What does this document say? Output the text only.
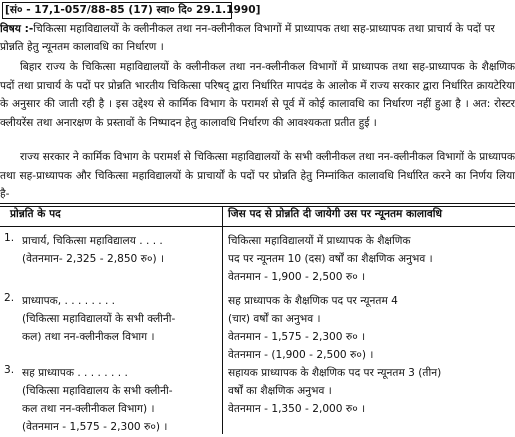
[सं० - 17,1-057/88-85 (17) स्वा० दि० 29.1.1990]
विषय :-चिकित्सा महाविद्यालयों के क्लीनीकल तथा नन-क्लीनीकल विभागों में प्राध्यापक तथा सह-प्राध्यापक तथा प्राचार्य के पदों पर प्रोन्नति हेतु न्यूनतम कालावधि का निर्धारण ।
बिहार राज्य के चिकित्सा महाविद्यालयों के क्लीनीकल तथा नन-क्लीनीकल विभागों में प्राध्यापक तथा सह-प्राध्यापक के शैक्षणिक पदों तथा प्राचार्य के पदों पर प्रोन्नति भारतीय चिकित्सा परिषद् द्वारा निर्धारित मापदंड के आलोक में राज्य सरकार द्वारा निर्धारित क्रायटेरिया के अनुसार की जाती रही है । इस उद्देश्य से कार्मिक विभाग के परामर्श से पूर्व में कोई कालावधि का निर्धारण नहीं हुआ है । अत: रोस्टर क्लीयरेंस तथा अनारक्षण के प्रस्तावों के निष्पादन हेतु कालावधि निर्धारण की आवश्यकता प्रतीत हुई ।
राज्य सरकार ने कार्मिक विभाग के परामर्श से चिकित्सा महाविद्यालयों के सभी क्लीनीकल तथा नन-क्लीनीकल विभागों के प्राध्यापक तथा सह-प्राध्यापक और चिकित्सा महाविद्यालयों के प्राचार्यों के पदों पर प्रोन्नति हेतु निम्नांकित कालावधि निर्धारित करने का निर्णय लिया है-
प्रोन्नति के पद	जिस पद से प्रोन्नति दी जायेगी उस पर न्यूनतम कालावधि
1. प्राचार्य, चिकित्सा महाविद्यालय . . . .
(वेतनमान- 2,325 - 2,850 रु०) ।
चिकित्सा महाविद्यालयों में प्राध्यापक के शैक्षणिक
पद पर न्यूनतम 10 (दस) वर्षों का शैक्षणिक अनुभव ।
वेतनमान - 1,900 - 2,500 रु० ।
2. प्राध्यापक, . . . . . . . .
(चिकित्सा महाविद्यालयों के सभी क्लीनी-
कल) तथा नन-क्लीनीकल विभाग ।
सह प्राध्यापक के शैक्षणिक पद पर न्यूनतम 4
(चार) वर्षों का अनुभव ।
वेतनमान - 1,575 - 2,300 रु० ।
वेतनमान - (1,900 - 2,500 रु०) ।
3. सह प्राध्यापक . . . . . . . .
(चिकित्सा महाविद्यालय के सभी क्लीनी-
कल तथा नन-क्लीनीकल विभाग) ।
(वेतनमान - 1,575 - 2,300 रु०) ।
सहायक प्राध्यापक के शैक्षणिक पद पर न्यूनतम 3 (तीन)
वर्षों का शैक्षणिक अनुभव ।
वेतनमान - 1,350 - 2,000 रु० ।
